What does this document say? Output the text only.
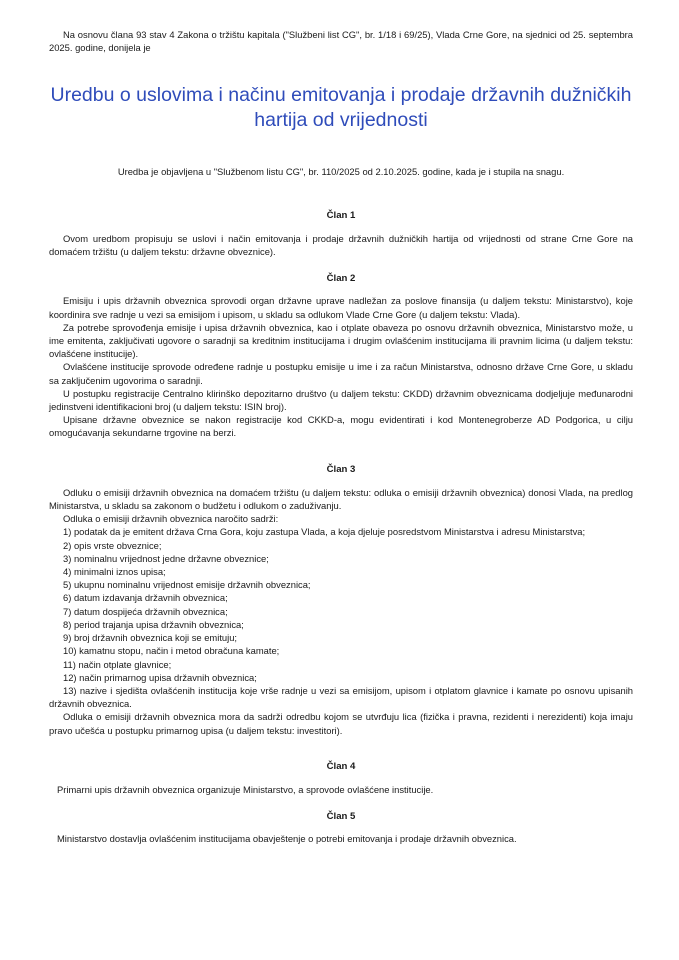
Na osnovu člana 93 stav 4 Zakona o tržištu kapitala ("Službeni list CG", br. 1/18 i 69/25), Vlada Crne Gore, na sjednici od 25. septembra 2025. godine, donijela je

Uredbu o uslovima i načinu emitovanja i prodaje državnih dužničkih hartija od vrijednosti

Uredba je objavljena u "Službenom listu CG", br. 110/2025 od 2.10.2025. godine, kada je i stupila na snagu.

Član 1

Ovom uredbom propisuju se uslovi i način emitovanja i prodaje državnih dužničkih hartija od vrijednosti od strane Crne Gore na domaćem tržištu (u daljem tekstu: državne obveznice).

Član 2

Emisiju i upis državnih obveznica sprovodi organ državne uprave nadležan za poslove finansija (u daljem tekstu: Ministarstvo), koje koordinira sve radnje u vezi sa emisijom i upisom, u skladu sa odlukom Vlade Crne Gore (u daljem tekstu: Vlada).

Za potrebe sprovođenja emisije i upisa državnih obveznica, kao i otplate obaveza po osnovu državnih obveznica, Ministarstvo može, u ime emitenta, zaključivati ugovore o saradnji sa kreditnim institucijama i drugim ovlašćenim institucijama ili pravnim licima (u daljem tekstu: ovlašćene institucije).

Ovlašćene institucije sprovode određene radnje u postupku emisije u ime i za račun Ministarstva, odnosno države Crne Gore, u skladu sa zaključenim ugovorima o saradnji.

U postupku registracije Centralno klirinško depozitarno društvo (u daljem tekstu: CKDD) državnim obveznicama dodjeljuje međunarodni jedinstveni identifikacioni broj (u daljem tekstu: ISIN broj).

Upisane državne obveznice se nakon registracije kod CKKD-a, mogu evidentirati i kod Montenegroberze AD Podgorica, u cilju omogućavanja sekundarne trgovine na berzi.

Član 3

Odluku o emisiji državnih obveznica na domaćem tržištu (u daljem tekstu: odluka o emisiji državnih obveznica) donosi Vlada, na predlog Ministarstva, u skladu sa zakonom o budžetu i odlukom o zaduživanju.

Odluka o emisiji državnih obveznica naročito sadrži:

1) podatak da je emitent država Crna Gora, koju zastupa Vlada, a koja djeluje posredstvom Ministarstva i adresu Ministarstva;

2) opis vrste obveznice;

3) nominalnu vrijednost jedne državne obveznice;

4) minimalni iznos upisa;

5) ukupnu nominalnu vrijednost emisije državnih obveznica;

6) datum izdavanja državnih obveznica;

7) datum dospijeća državnih obveznica;

8) period trajanja upisa državnih obveznica;

9) broj državnih obveznica koji se emituju;

10) kamatnu stopu, način i metod obračuna kamate;

11) način otplate glavnice;

12) način primarnog upisa državnih obveznica;

13) nazive i sjedišta ovlašćenih institucija koje vrše radnje u vezi sa emisijom, upisom i otplatom glavnice i kamate po osnovu upisanih državnih obveznica.

Odluka o emisiji državnih obveznica mora da sadrži odredbu kojom se utvrđuju lica (fizička i pravna, rezidenti i nerezidenti) koja imaju pravo učešća u postupku primarnog upisa (u daljem tekstu: investitori).

Član 4

Primarni upis državnih obveznica organizuje Ministarstvo, a sprovode ovlašćene institucije.

Član 5

Ministarstvo dostavlja ovlašćenim institucijama obavještenje o potrebi emitovanja i prodaje državnih obveznica.
